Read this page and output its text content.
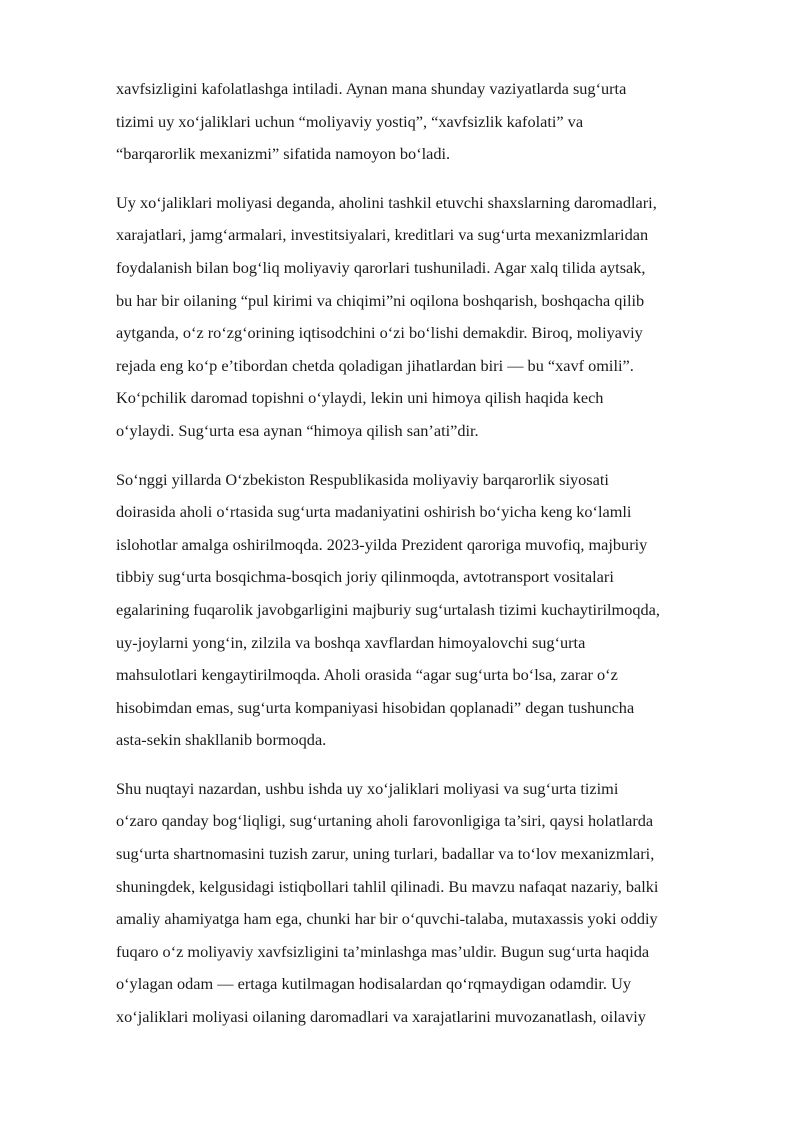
xavfsizligini kafolatlashga intiladi. Aynan mana shunday vaziyatlarda sug‘urta
tizimi uy xo‘jaliklari uchun “moliyaviy yostiq”, “xavfsizlik kafolati” va
“barqarorlik mexanizmi” sifatida namoyon bo‘ladi.

Uy xo‘jaliklari moliyasi deganda, aholini tashkil etuvchi shaxslarning daromadlari,
xarajatlari, jamg‘armalari, investitsiyalari, kreditlari va sug‘urta mexanizmlaridan
foydalanish bilan bog‘liq moliyaviy qarorlari tushuniladi. Agar xalq tilida aytsak,
bu har bir oilaning “pul kirimi va chiqimi”ni oqilona boshqarish, boshqacha qilib
aytganda, o‘z ro‘zg‘orining iqtisodchini o‘zi bo‘lishi demakdir. Biroq, moliyaviy
rejada eng ko‘p e’tibordan chetda qoladigan jihatlardan biri — bu “xavf omili”.
Ko‘pchilik daromad topishni o‘ylaydi, lekin uni himoya qilish haqida kech
o‘ylaydi. Sug‘urta esa aynan “himoya qilish san’ati”dir.

So‘nggi yillarda O‘zbekiston Respublikasida moliyaviy barqarorlik siyosati
doirasida aholi o‘rtasida sug‘urta madaniyatini oshirish bo‘yicha keng ko‘lamli
islohotlar amalga oshirilmoqda. 2023-yilda Prezident qaroriga muvofiq, majburiy
tibbiy sug‘urta bosqichma-bosqich joriy qilinmoqda, avtotransport vositalari
egalarining fuqarolik javobgarligini majburiy sug‘urtalash tizimi kuchaytirilmoqda,
uy-joylarni yong‘in, zilzila va boshqa xavflardan himoyalovchi sug‘urta
mahsulotlari kengaytirilmoqda. Aholi orasida “agar sug‘urta bo‘lsa, zarar o‘z
hisobimdan emas, sug‘urta kompaniyasi hisobidan qoplanadi” degan tushuncha
asta-sekin shakllanib bormoqda.

Shu nuqtayi nazardan, ushbu ishda uy xo‘jaliklari moliyasi va sug‘urta tizimi
o‘zaro qanday bog‘liqligi, sug‘urtaning aholi farovonligiga ta’siri, qaysi holatlarda
sug‘urta shartnomasini tuzish zarur, uning turlari, badallar va to‘lov mexanizmlari,
shuningdek, kelgusidagi istiqbollari tahlil qilinadi. Bu mavzu nafaqat nazariy, balki
amaliy ahamiyatga ham ega, chunki har bir o‘quvchi-talaba, mutaxassis yoki oddiy
fuqaro o‘z moliyaviy xavfsizligini ta’minlashga mas’uldir. Bugun sug‘urta haqida
o‘ylagan odam — ertaga kutilmagan hodisalardan qo‘rqmaydigan odamdir. Uy
xo‘jaliklari moliyasi oilaning daromadlari va xarajatlarini muvozanatlash, oilaviy
